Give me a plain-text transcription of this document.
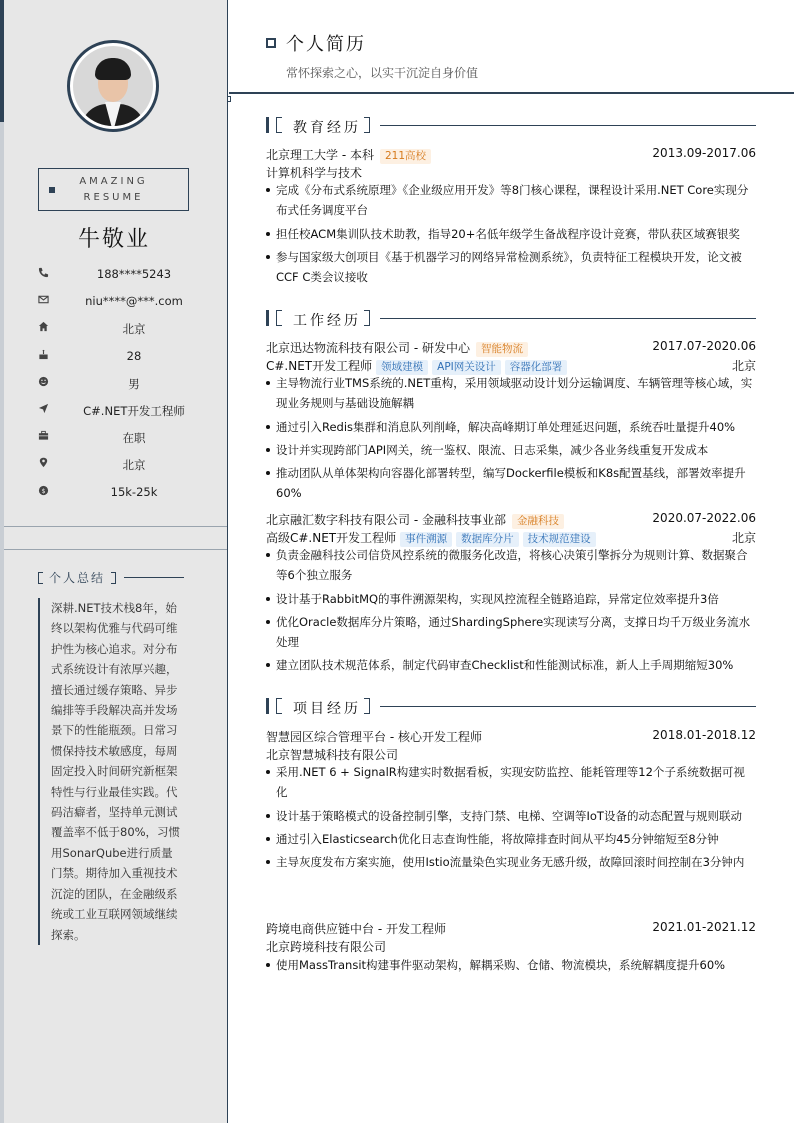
AMAZING
RESUME
牛敬业
188****5243
niu****@***.com
北京
28
男
C#.NET开发工程师
在职
北京
$	15k-25k
个人总结
深耕.NET技术栈8年，始终以架构优雅与代码可维护性为核心追求。对分布式系统设计有浓厚兴趣，擅长通过缓存策略、异步编排等手段解决高并发场景下的性能瓶颈。日常习惯保持技术敏感度，每周固定投入时间研究新框架特性与行业最佳实践。代码洁癖者，坚持单元测试覆盖率不低于80%，习惯用SonarQube进行质量门禁。期待加入重视技术沉淀的团队，在金融级系统或工业互联网领域继续探索。
个人简历
常怀探索之心，以实干沉淀自身价值
教育经历
北京理工大学 - 本科 211高校	2013.09-2017.06
计算机科学与技术
完成《分布式系统原理》《企业级应用开发》等8门核心课程，课程设计采用.NET Core实现分布式任务调度平台
担任校ACM集训队技术助教，指导20+名低年级学生备战程序设计竞赛，带队获区域赛银奖
参与国家级大创项目《基于机器学习的网络异常检测系统》，负责特征工程模块开发，论文被CCF C类会议接收
工作经历
北京迅达物流科技有限公司 - 研发中心 智能物流	2017.07-2020.06
C#.NET开发工程师 领域建模 API网关设计 容器化部署	北京
主导物流行业TMS系统的.NET重构，采用领域驱动设计划分运输调度、车辆管理等核心域，实现业务规则与基础设施解耦
通过引入Redis集群和消息队列削峰，解决高峰期订单处理延迟问题，系统吞吐量提升40%
设计并实现跨部门API网关，统一鉴权、限流、日志采集，减少各业务线重复开发成本
推动团队从单体架构向容器化部署转型，编写Dockerfile模板和K8s配置基线，部署效率提升60%
北京融汇数字科技有限公司 - 金融科技事业部 金融科技	2020.07-2022.06
高级C#.NET开发工程师 事件溯源 数据库分片 技术规范建设	北京
负责金融科技公司信贷风控系统的微服务化改造，将核心决策引擎拆分为规则计算、数据聚合等6个独立服务
设计基于RabbitMQ的事件溯源架构，实现风控流程全链路追踪，异常定位效率提升3倍
优化Oracle数据库分片策略，通过ShardingSphere实现读写分离，支撑日均千万级业务流水处理
建立团队技术规范体系，制定代码审查Checklist和性能测试标准，新人上手周期缩短30%
项目经历
智慧园区综合管理平台 - 核心开发工程师	2018.01-2018.12
北京智慧城科技有限公司
采用.NET 6 + SignalR构建实时数据看板，实现安防监控、能耗管理等12个子系统数据可视化
设计基于策略模式的设备控制引擎，支持门禁、电梯、空调等IoT设备的动态配置与规则联动
通过引入Elasticsearch优化日志查询性能，将故障排查时间从平均45分钟缩短至8分钟
主导灰度发布方案实施，使用Istio流量染色实现业务无感升级，故障回滚时间控制在3分钟内
跨境电商供应链中台 - 开发工程师	2021.01-2021.12
北京跨境科技有限公司
使用MassTransit构建事件驱动架构，解耦采购、仓储、物流模块，系统解耦度提升60%
